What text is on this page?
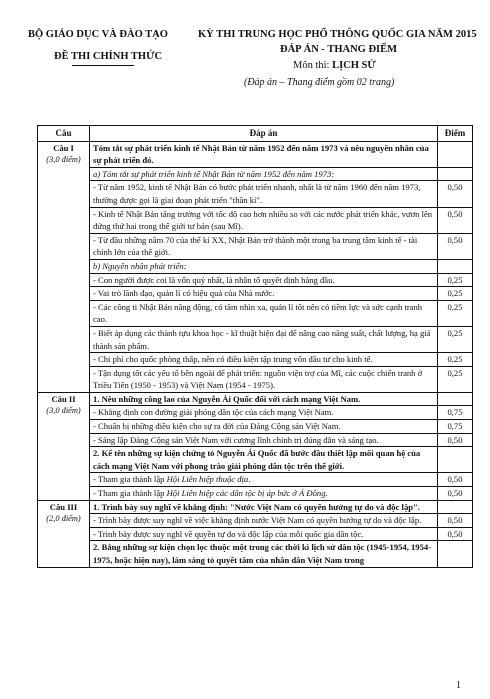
BỘ GIÁO DỤC VÀ ĐÀO TẠO
ĐỀ THI CHÍNH THỨC
KỲ THI TRUNG HỌC PHỔ THÔNG QUỐC GIA NĂM 2015
ĐÁP ÁN - THANG ĐIỂM
Môn thi: LỊCH SỬ
(Đáp án – Thang điểm gồm 02 trang)
Câu	Đáp án	Điểm
Câu I
(3,0 điểm)	Tóm tắt sự phát triển kinh tế Nhật Bản từ năm 1952 đến năm 1973 và nêu nguyên nhân của sự phát triển đó.	
	a) Tóm tắt sự phát triển kinh tế Nhật Bản từ năm 1952 đến năm 1973:	
	- Từ năm 1952, kinh tế Nhật Bản có bước phát triển nhanh, nhất là từ năm 1960 đến năm 1973, thường được gọi là giai đoạn phát triển "thần kì".	0,50
	- Kinh tế Nhật Bản tăng trưởng với tốc độ cao hơn nhiều so với các nước phát triển khác, vươn lên đứng thứ hai trong thế giới tư bản (sau Mĩ).	0,50
	- Từ đầu những năm 70 của thế kỉ XX, Nhật Bản trở thành một trong ba trung tâm kinh tế - tài chính lớn của thế giới.	0,50
	b) Nguyên nhân phát triển:	
	- Con người được coi là vốn quý nhất, là nhân tố quyết định hàng đầu.	0,25
	- Vai trò lãnh đạo, quản lí có hiệu quả của Nhà nước.	0,25
	- Các công ti Nhật Bản năng động, có tầm nhìn xa, quản lí tốt nên có tiềm lực và sức cạnh tranh cao.	0,25
	- Biết áp dụng các thành tựu khoa học - kĩ thuật hiện đại để nâng cao năng suất, chất lượng, hạ giá thành sản phẩm.	0,25
	- Chi phí cho quốc phòng thấp, nên có điều kiện tập trung vốn đầu tư cho kinh tế.	0,25
	- Tận dụng tốt các yếu tố bên ngoài để phát triển: nguồn viện trợ của Mĩ, các cuộc chiến tranh ở Triều Tiên (1950 - 1953) và Việt Nam (1954 - 1975).	0,25
Câu II
(3,0 điểm)	1. Nêu những công lao của Nguyễn Ái Quốc đối với cách mạng Việt Nam.	
	- Khẳng định con đường giải phóng dân tộc của cách mạng Việt Nam.	0,75
	- Chuẩn bị những điều kiện cho sự ra đời của Đảng Cộng sản Việt Nam.	0,75
	- Sáng lập Đảng Cộng sản Việt Nam với cương lĩnh chính trị đúng đắn và sáng tạo.	0,50
	2. Kể tên những sự kiện chứng tỏ Nguyễn Ái Quốc đã bước đầu thiết lập mối quan hệ của cách mạng Việt Nam với phong trào giải phóng dân tộc trên thế giới.	
	- Tham gia thành lập Hội Liên hiệp thuộc địa.	0,50
	- Tham gia thành lập Hội Liên hiệp các dân tộc bị áp bức ở Á Đông.	0,50
Câu III
(2,0 điểm)	1. Trình bày suy nghĩ về khẳng định: "Nước Việt Nam có quyền hưởng tự do và độc lập".	
	- Trình bày được suy nghĩ về việc khẳng định nước Việt Nam có quyền hưởng tự do và độc lập.	0,50
	- Trình bày được suy nghĩ về quyền tự do và độc lập của mỗi quốc gia dân tộc.	0,50
	2. Bằng những sự kiện chọn lọc thuộc một trong các thời kì lịch sử dân tộc (1945-1954, 1954-1975, hoặc hiện nay), làm sáng tỏ quyết tâm của nhân dân Việt Nam trong	
1
